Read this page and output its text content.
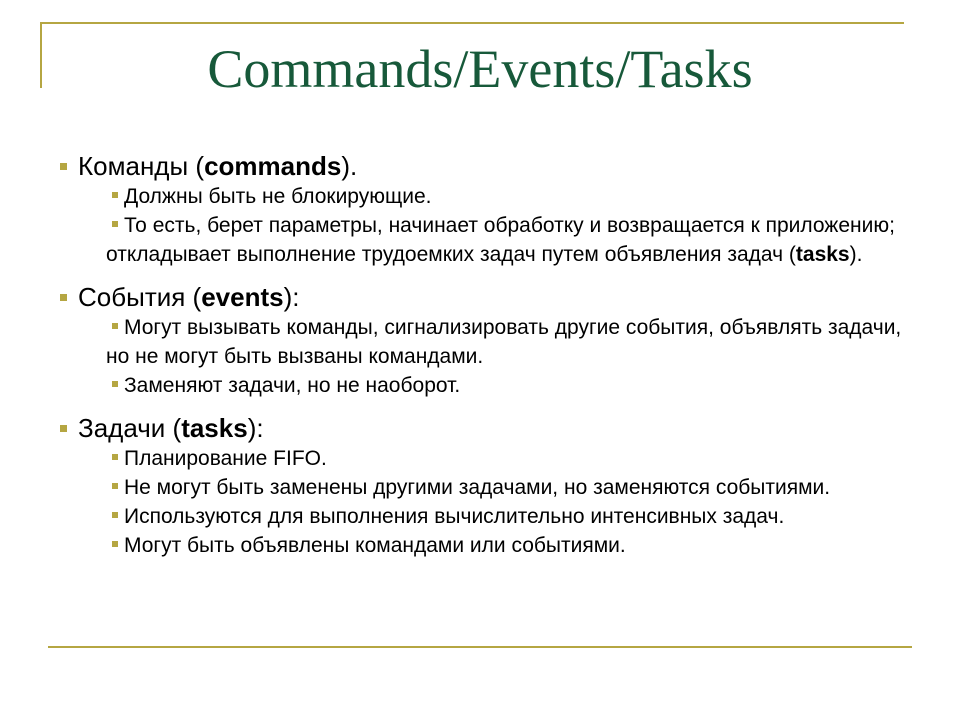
Commands/Events/Tasks

Команды (commands).

Должны быть не блокирующие.

То есть, берет параметры, начинает обработку и возвращается к приложению; откладывает выполнение трудоемких задач путем объявления задач (tasks).

События (events):

Могут вызывать команды, сигнализировать другие события, объявлять задачи, но не могут быть вызваны командами.

Заменяют задачи, но не наоборот.

Задачи (tasks):

Планирование FIFO.

Не могут быть заменены другими задачами, но заменяются событиями.

Используются для выполнения вычислительно интенсивных задач.

Могут быть объявлены командами или событиями.
